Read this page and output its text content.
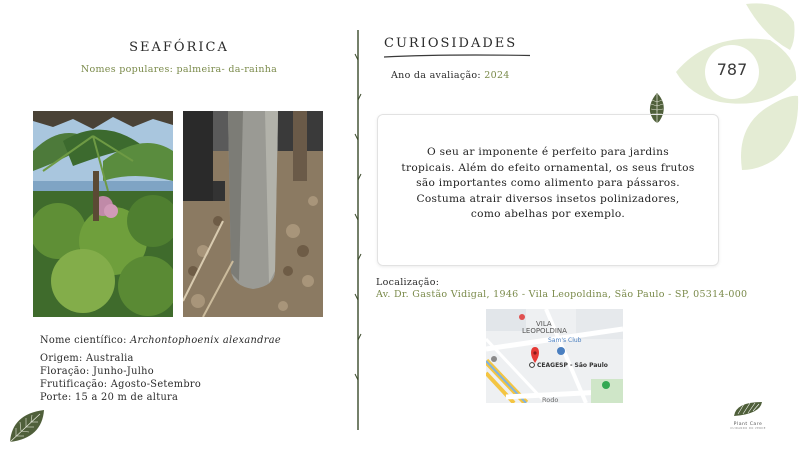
SEAFÓRICA
Nomes populares: palmeira- da-rainha
Nome científico: Archontophoenix alexandrae
Origem: Australia
Floração: Junho-Julho
Frutificação: Agosto-Setembro
Porte: 15 a 20 m de altura
CURIOSIDADES
Ano da avaliação: 2024	787
O seu ar imponente é perfeito para jardins tropicais. Além do efeito ornamental, os seus frutos são importantes como alimento para pássaros. Costuma atrair diversos insetos polinizadores, como abelhas por exemplo.
Localização:
Av. Dr. Gastão Vidigal, 1946 - Vila Leopoldina, São Paulo - SP, 05314-000
VILA
LEOPOLDINA
Sam's Club
CEAGESP - São Paulo
Rodo
Plant Care
CUIDANDO DO VERDE
